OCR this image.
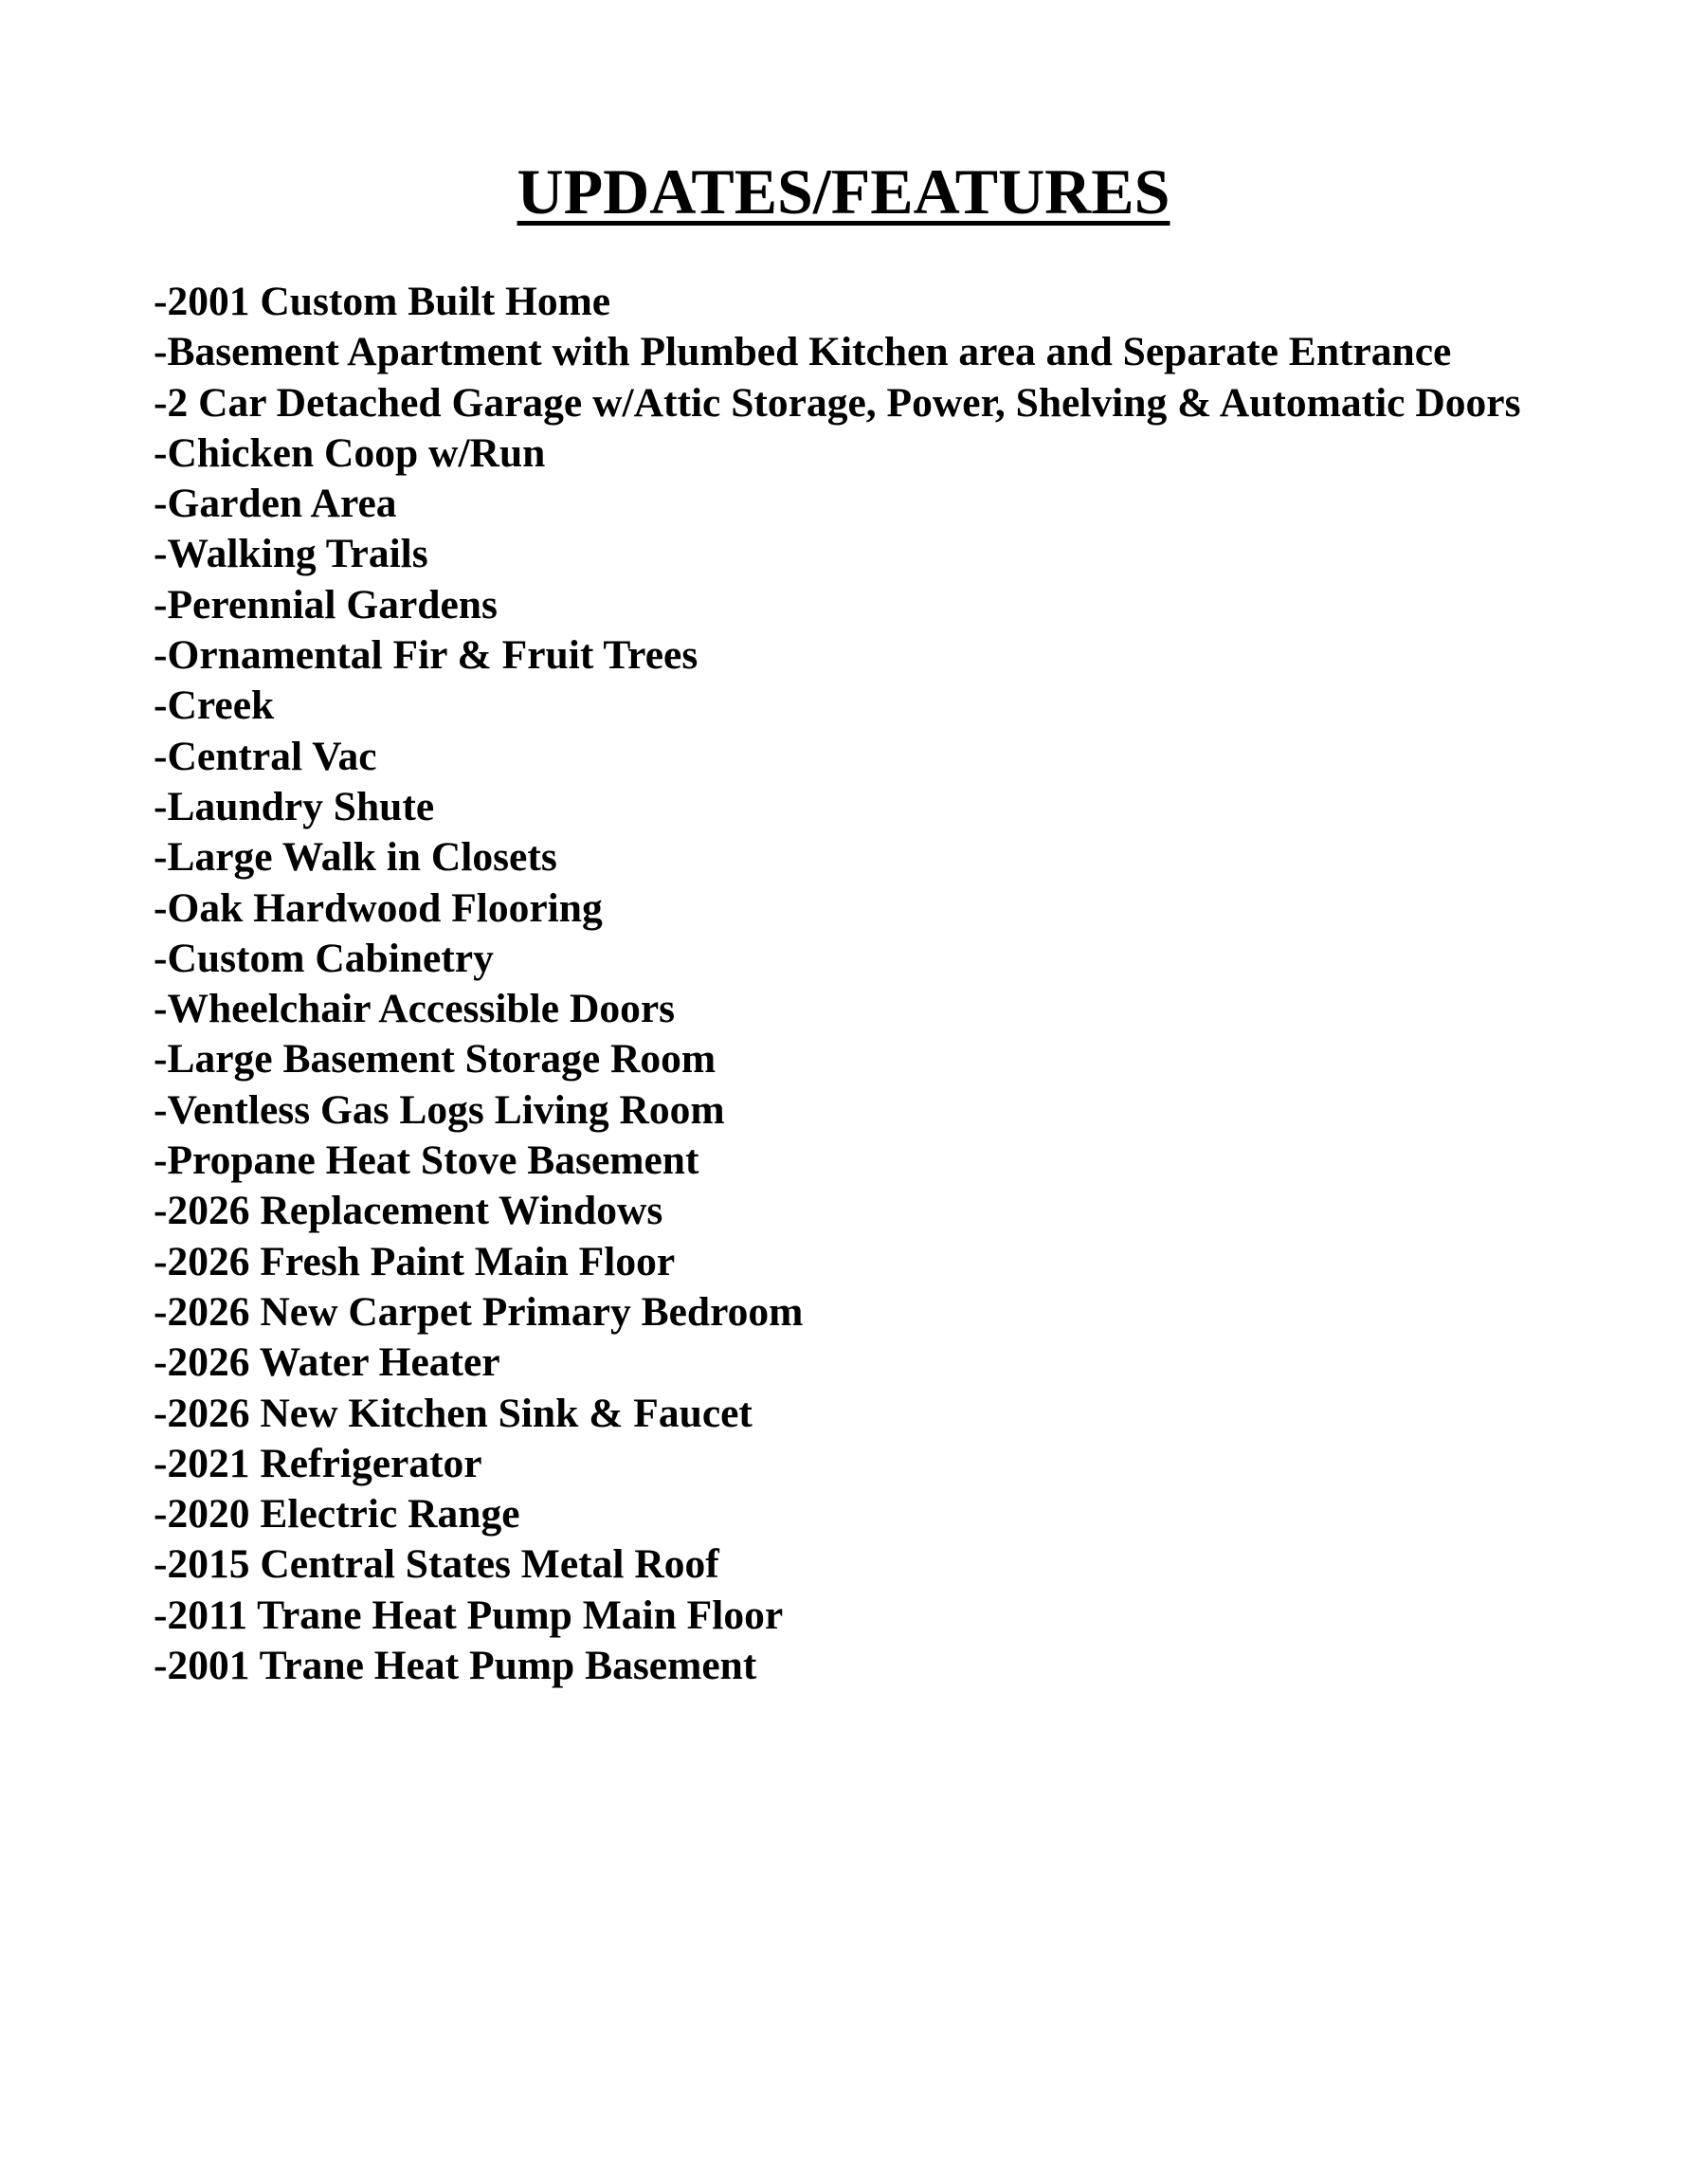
UPDATES/FEATURES
-2001 Custom Built Home
-Basement Apartment with Plumbed Kitchen area and Separate Entrance
-2 Car Detached Garage w/Attic Storage, Power, Shelving & Automatic Doors
-Chicken Coop w/Run
-Garden Area
-Walking Trails
-Perennial Gardens
-Ornamental Fir & Fruit Trees
-Creek
-Central Vac
-Laundry Shute
-Large Walk in Closets
-Oak Hardwood Flooring
-Custom Cabinetry
-Wheelchair Accessible Doors
-Large Basement Storage Room
-Ventless Gas Logs Living Room
-Propane Heat Stove Basement
-2026 Replacement Windows
-2026 Fresh Paint Main Floor
-2026 New Carpet Primary Bedroom
-2026 Water Heater
-2026 New Kitchen Sink & Faucet
-2021 Refrigerator
-2020 Electric Range
-2015 Central States Metal Roof
-2011 Trane Heat Pump Main Floor
-2001 Trane Heat Pump Basement
